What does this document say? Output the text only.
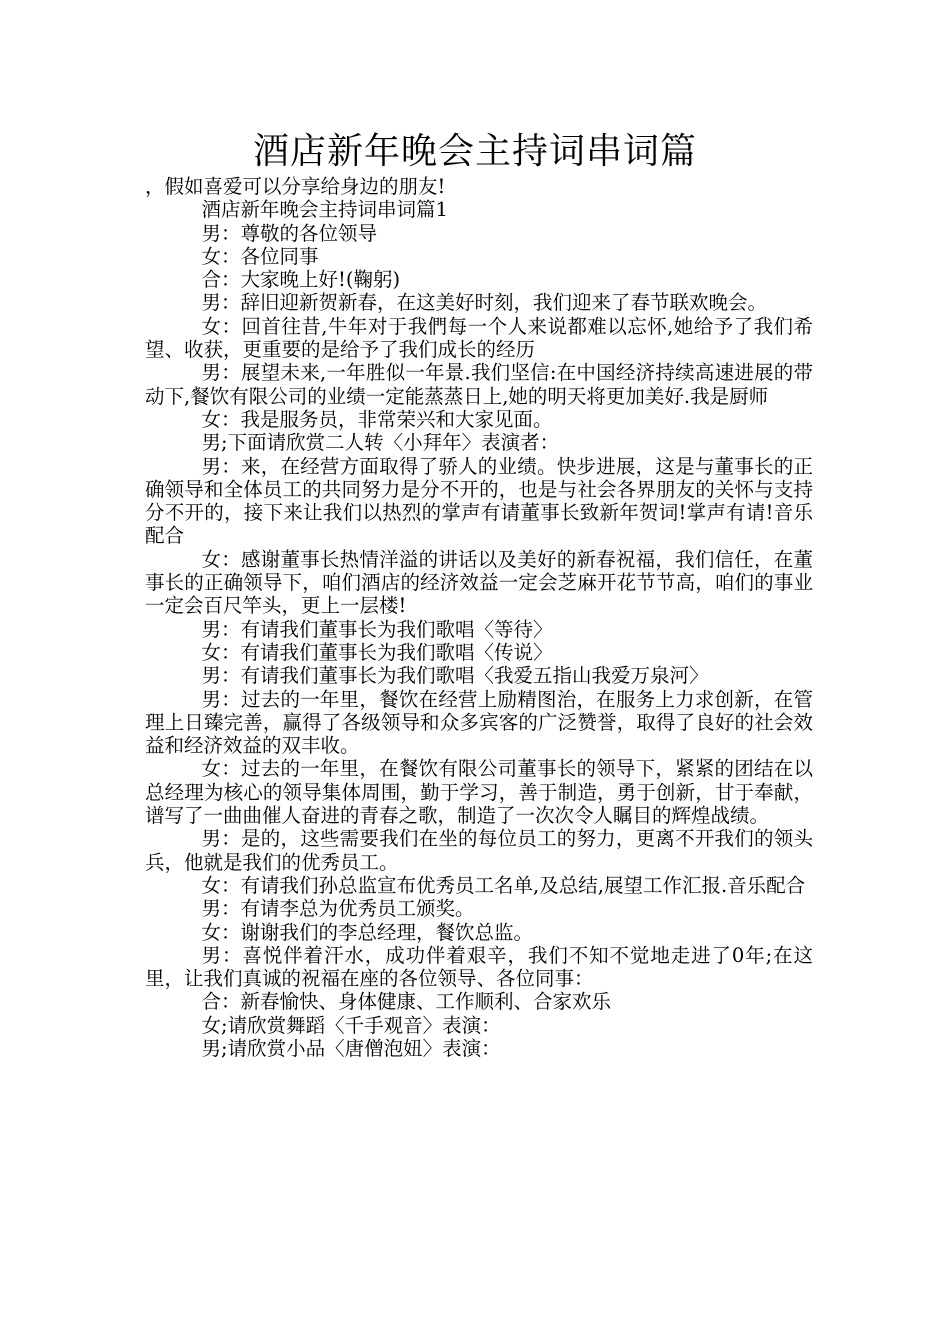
酒店新年晚会主持词串词篇

，假如喜爱可以分享给身边的朋友!

酒店新年晚会主持词串词篇1

男：尊敬的各位领导

女：各位同事

合：大家晚上好!(鞠躬)

男：辞旧迎新贺新春，在这美好时刻，我们迎来了春节联欢晚会。

女：回首往昔,牛年对于我們每一个人来说都难以忘怀,她给予了我们希望、收获，更重要的是给予了我们成长的经历

男：展望未来,一年胜似一年景.我们坚信:在中国经济持续高速进展的带动下,餐饮有限公司的业绩一定能蒸蒸日上,她的明天将更加美好.我是厨师

女：我是服务员，非常荣兴和大家见面。

男;下面请欣赏二人转〈小拜年〉表演者：

男：来，在经营方面取得了骄人的业绩。快步进展，这是与董事长的正确领导和全体员工的共同努力是分不开的，也是与社会各界朋友的关怀与支持分不开的，接下来让我们以热烈的掌声有请董事长致新年贺词!掌声有请!音乐配合

女：感谢董事长热情洋溢的讲话以及美好的新春祝福，我们信任，在董事长的正确领导下，咱们酒店的经济效益一定会芝麻开花节节高，咱们的事业一定会百尺竿头，更上一层楼!

男：有请我们董事长为我们歌唱〈等待〉

女：有请我们董事长为我们歌唱〈传说〉

男：有请我们董事长为我们歌唱〈我爱五指山我爱万泉河〉

男：过去的一年里，餐饮在经营上励精图治，在服务上力求创新，在管理上日臻完善，赢得了各级领导和众多宾客的广泛赞誉，取得了良好的社会效益和经济效益的双丰收。

女：过去的一年里，在餐饮有限公司董事长的领导下，紧紧的团结在以总经理为核心的领导集体周围，勤于学习，善于制造，勇于创新，甘于奉献，谱写了一曲曲催人奋进的青春之歌，制造了一次次令人瞩目的辉煌战绩。

男：是的，这些需要我们在坐的每位员工的努力，更离不开我们的领头兵，他就是我们的优秀员工。

女：有请我们孙总监宣布优秀员工名单,及总结,展望工作汇报.音乐配合

男：有请李总为优秀员工颁奖。

女：谢谢我们的李总经理，餐饮总监。

男：喜悦伴着汗水，成功伴着艰辛，我们不知不觉地走进了0年;在这里，让我们真诚的祝福在座的各位领导、各位同事：

合：新春愉快、身体健康、工作顺利、合家欢乐

女;请欣赏舞蹈〈千手观音〉表演：

男;请欣赏小品〈唐僧泡妞〉表演：
